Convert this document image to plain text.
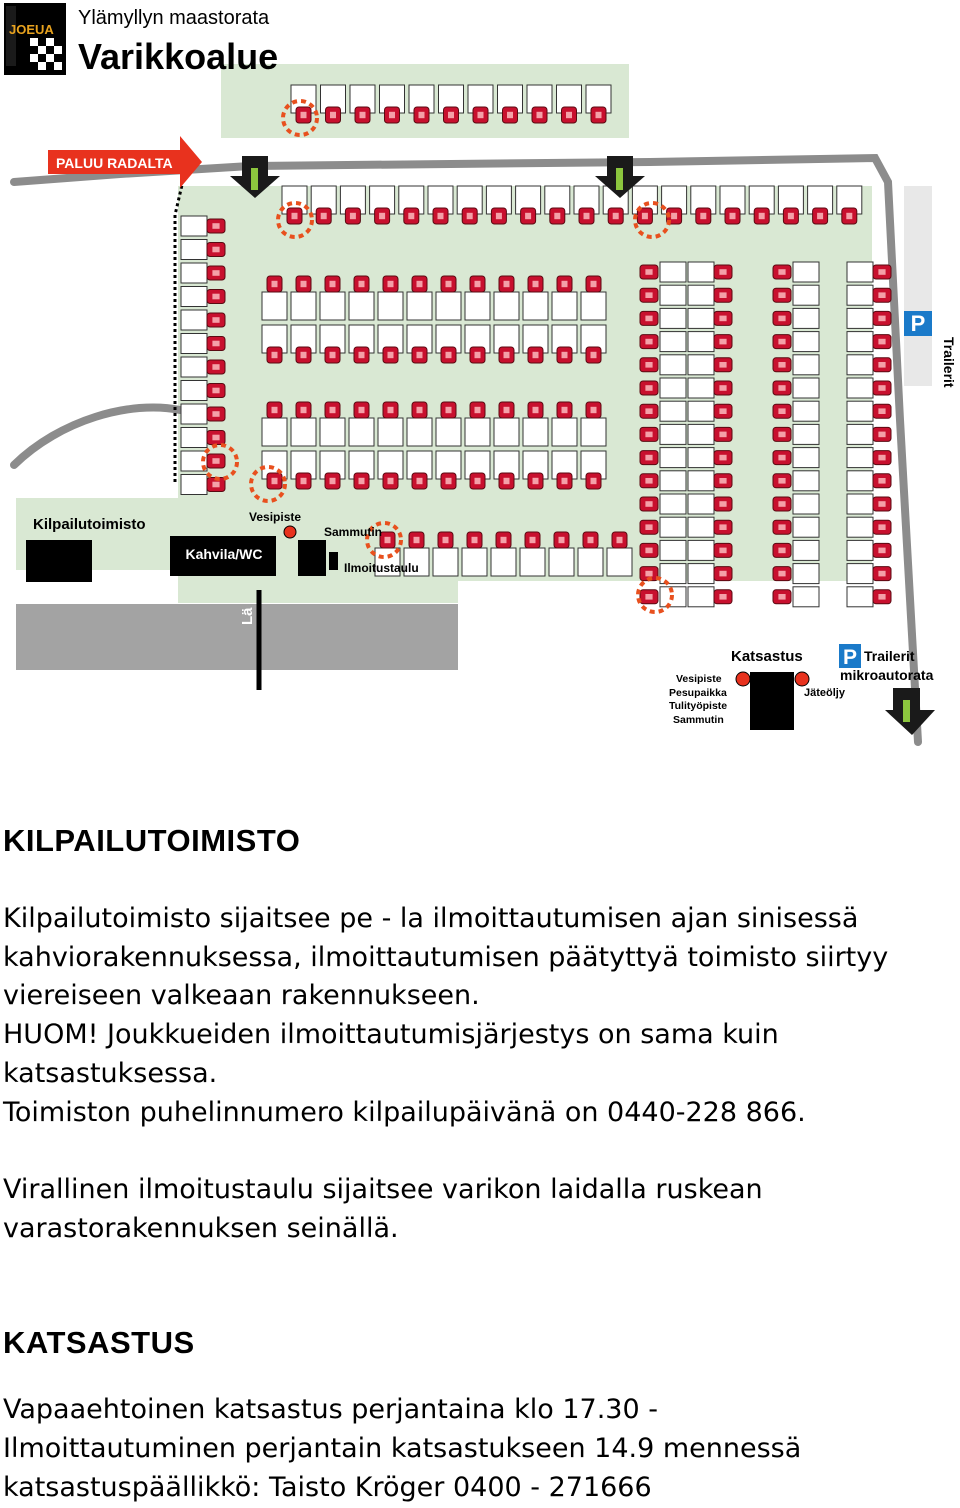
PALUU RADALTA
P
P
Trailerit
Kilpailutoimisto
Kahvila/WC
Vesipiste
Sammutin
Ilmoitustaulu
Lä
Katsastus	Trailerit
mikroautorata
Jäteöljy
Vesipiste
Pesupaikka
Tulityöpiste
Sammutin
JOEUA
Ylämyllyn maastorata
Varikkoalue
KILPAILUTOIMISTO

Kilpailutoimisto sijaitsee pe - la ilmoittautumisen ajan sinisessä kahviorakennuksessa, ilmoittautumisen päätyttyä toimisto siirtyy viereiseen valkeaan rakennukseen.

HUOM! Joukkueiden ilmoittautumisjärjestys on sama kuin katsastuksessa.

Toimiston puhelinnumero kilpailupäivänä on 0440-228 866.

Virallinen ilmoitustaulu sijaitsee varikon laidalla ruskean varastorakennuksen seinällä.

KATSASTUS

Vapaaehtoinen katsastus perjantaina klo 17.30 -

Ilmoittautuminen perjantain katsastukseen 14.9 mennessä

katsastuspäällikkö: Taisto Kröger 0400 - 271666
